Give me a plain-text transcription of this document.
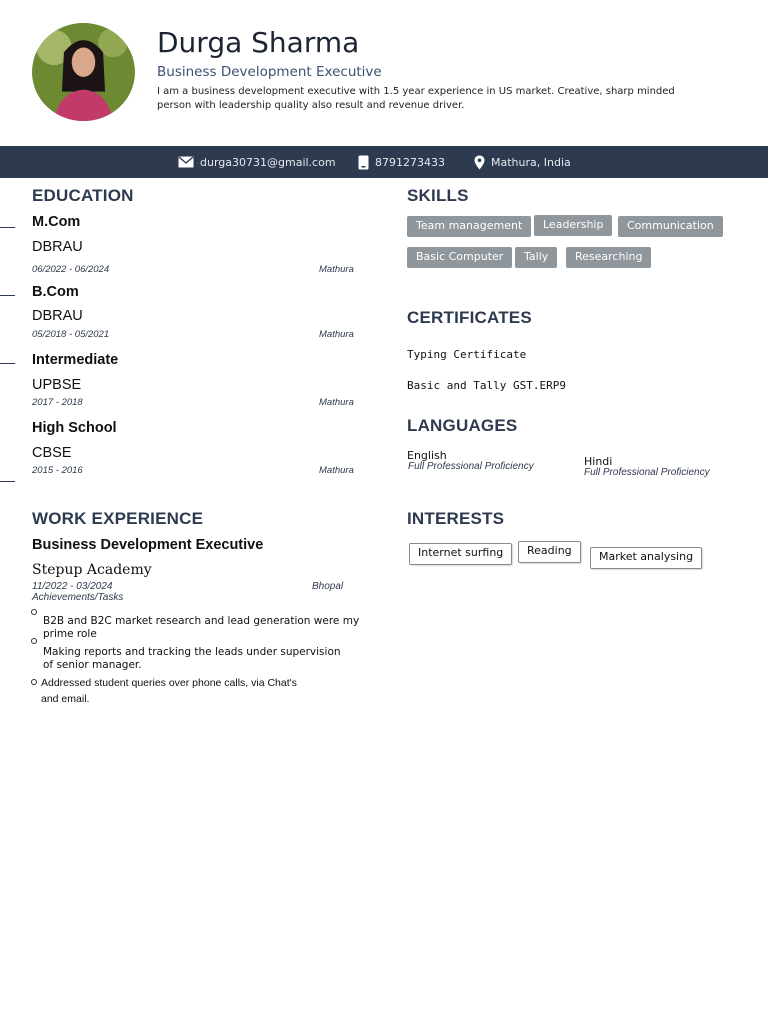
Durga Sharma
Business Development Executive
I am a business development executive with 1.5 year experience in US market. Creative, sharp minded person with leadership quality also result and revenue driver.
durga30731@gmail.com	8791273433	Mathura, India
EDUCATION
M.Com
DBRAU
06/2022 - 06/2024	Mathura
B.Com
DBRAU
05/2018 - 05/2021	Mathura
Intermediate
UPBSE
2017 - 2018	Mathura
High School
CBSE
2015 - 2016	Mathura
WORK EXPERIENCE
Business Development Executive
Stepup Academy
11/2022 - 03/2024	Bhopal
Achievements/Tasks
B2B and B2C market research and lead generation were my prime role
Making reports and tracking the leads under supervision of senior manager.
Addressed student queries over phone calls, via Chat's and email.
SKILLS
Team management	Leadership	Communication
Basic Computer	Tally	Researching
CERTIFICATES
Typing Certificate
Basic and Tally GST.ERP9
LANGUAGES
English
Full Professional Proficiency	Hindi
Full Professional Proficiency
INTERESTS
Internet surfing	Reading	Market analysing
